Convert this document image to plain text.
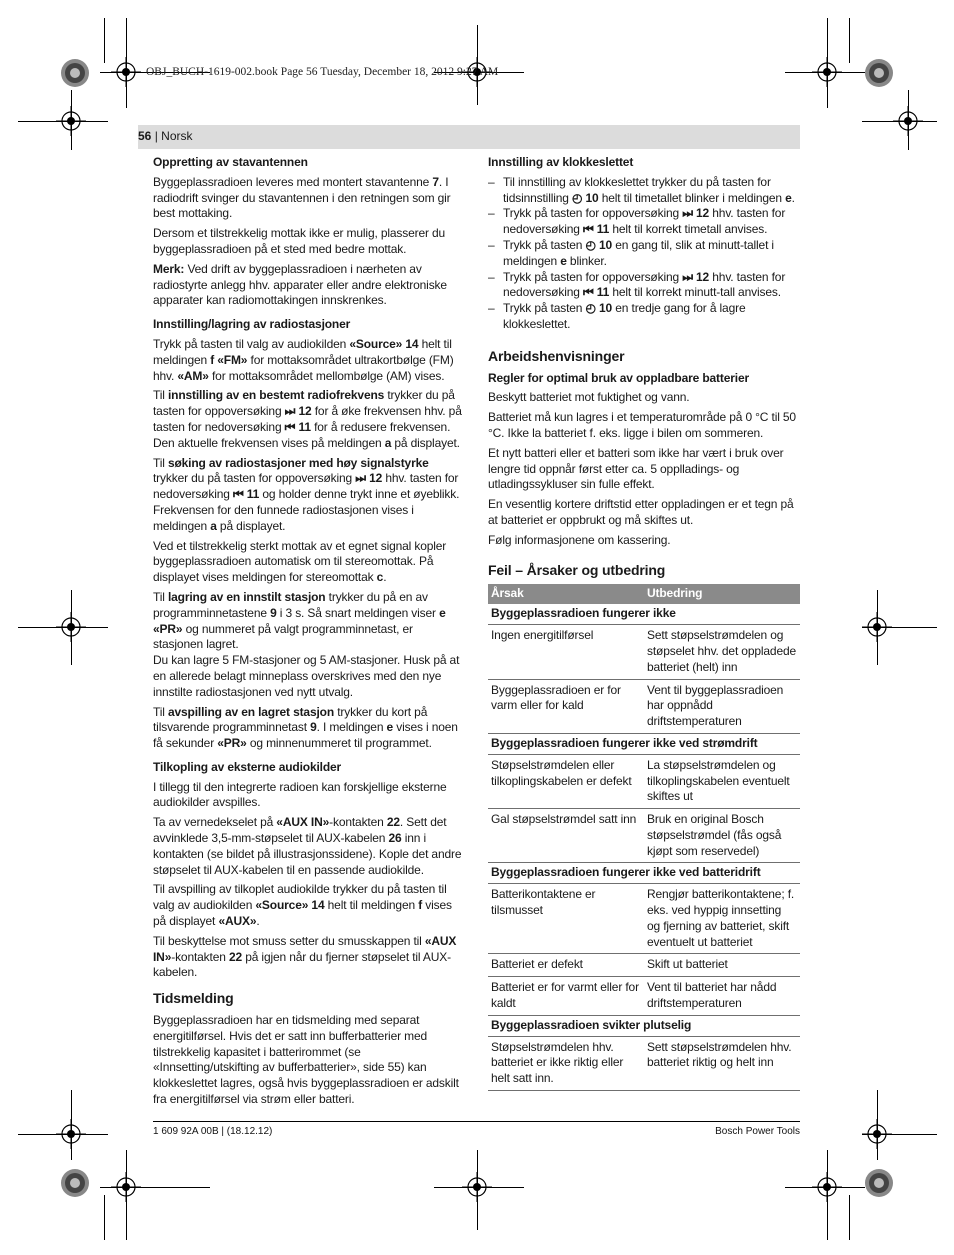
OBJ_BUCH-1619-002.book Page 56 Tuesday, December 18, 2012 9:27 AM
56 | Norsk
Oppretting av stavantennen

Byggeplassradioen leveres med montert stavantenne 7. I radiodrift svinger du stavantennen i den retningen som gir best mottaking.

Dersom et tilstrekkelig mottak ikke er mulig, plasserer du byggeplassradioen på et sted med bedre mottak.

Merk: Ved drift av byggeplassradioen i nærheten av radiostyrte anlegg hhv. apparater eller andre elektroniske apparater kan radiomottakingen innskrenkes.

Innstilling/lagring av radiostasjoner

Trykk på tasten til valg av audiokilden «Source» 14 helt til meldingen f «FM» for mottaksområdet ultrakortbølge (FM) hhv. «AM» for mottaksområdet mellombølge (AM) vises.

Til innstilling av en bestemt radiofrekvens trykker du på tasten for oppoversøking ⏭ 12 for å øke frekvensen hhv. på tasten for nedoversøking ⏮ 11 for å redusere frekvensen. Den aktuelle frekvensen vises på meldingen a på displayet.

Til søking av radiostasjoner med høy signalstyrke trykker du på tasten for oppoversøking ⏭ 12 hhv. tasten for nedoversøking ⏮ 11 og holder denne trykt inne et øyeblikk. Frekvensen for den funnede radiostasjonen vises i meldingen a på displayet.

Ved et tilstrekkelig sterkt mottak av et egnet signal kopler byggeplassradioen automatisk om til stereomottak. På displayet vises meldingen for stereomottak c.

Til lagring av en innstilt stasjon trykker du på en av programminnetastene 9 i 3 s. Så snart meldingen viser e «PR» og nummeret på valgt programminnetast, er stasjonen lagret.
Du kan lagre 5 FM-stasjoner og 5 AM-stasjoner. Husk på at en allerede belagt minneplass overskrives med den nye innstilte radiostasjonen ved nytt utvalg.

Til avspilling av en lagret stasjon trykker du kort på tilsvarende programminnetast 9. I meldingen e vises i noen få sekunder «PR» og minnenummeret til programmet.

Tilkopling av eksterne audiokilder

I tillegg til den integrerte radioen kan forskjellige eksterne audiokilder avspilles.

Ta av vernedekselet på «AUX IN»-kontakten 22. Sett det avvinklede 3,5-mm-støpselet til AUX-kabelen 26 inn i kontakten (se bildet på illustrasjonssidene). Kople det andre støpselet til AUX-kabelen til en passende audiokilde.

Til avspilling av tilkoplet audiokilde trykker du på tasten til valg av audiokilden «Source» 14 helt til meldingen f vises på displayet «AUX».

Til beskyttelse mot smuss setter du smusskappen til «AUX IN»-kontakten 22 på igjen når du fjerner støpselet til AUX-kabelen.

Tidsmelding

Byggeplassradioen har en tidsmelding med separat energitilførsel. Hvis det er satt inn bufferbatterier med tilstrekkelig kapasitet i batterirommet (se «Innsetting/utskifting av bufferbatterier», side 55) kan klokkeslettet lagres, også hvis byggeplassradioen er adskilt fra energitilførsel via strøm eller batteri.

Innstilling av klokkeslettet
– Til innstilling av klokkeslettet trykker du på tasten for tidsinnstilling ◴ 10 helt til timetallet blinker i meldingen e.
– Trykk på tasten for oppoversøking ⏭ 12 hhv. tasten for nedoversøking ⏮ 11 helt til korrekt timetall anvises.
– Trykk på tasten ◴ 10 en gang til, slik at minutt-tallet i meldingen e blinker.
– Trykk på tasten for oppoversøking ⏭ 12 hhv. tasten for nedoversøking ⏮ 11 helt til korrekt minutt-tall anvises.
– Trykk på tasten ◴ 10 en tredje gang for å lagre klokkeslettet.
Arbeidshenvisninger
Regler for optimal bruk av oppladbare batterier

Beskytt batteriet mot fuktighet og vann.

Batteriet må kun lagres i et temperaturområde på 0 °C til 50 °C. Ikke la batteriet f. eks. ligge i bilen om sommeren.

Et nytt batteri eller et batteri som ikke har vært i bruk over lengre tid oppnår først etter ca. 5 opplladings- og utladingssykluser sin fulle effekt.

En vesentlig kortere driftstid etter oppladingen er et tegn på at batteriet er oppbrukt og må skiftes ut.

Følg informasjonene om kassering.

Feil – Årsaker og utbedring
Årsak	Utbedring
Byggeplassradioen fungerer ikke	
Ingen energitilførsel	Sett støpselstrømdelen og støpselet hhv. det oppladede batteriet (helt) inn
Byggeplassradioen er for varm eller for kald	Vent til byggeplassradioen har oppnådd driftstemperaturen
Byggeplassradioen fungerer ikke ved strømdrift	
Støpselstrømdelen eller tilkoplingskabelen er defekt	La støpselstrømdelen og tilkoplingskabelen eventuelt skiftes ut
Gal støpselstrømdel satt inn	Bruk en original Bosch støpselstrømdel (fås også kjøpt som reservedel)
Byggeplassradioen fungerer ikke ved batteridrift	
Batterikontaktene er tilsmusset	Rengjør batterikontaktene; f. eks. ved hyppig innsetting og fjerning av batteriet, skift eventuelt ut batteriet
Batteriet er defekt	Skift ut batteriet
Batteriet er for varmt eller for kaldt	Vent til batteriet har nådd driftstemperaturen
Byggeplassradioen svikter plutselig	
Støpselstrømdelen hhv. batteriet er ikke riktig eller helt satt inn.	Sett støpselstrømdelen hhv. batteriet riktig og helt inn
1 609 92A 00B | (18.12.12)	Bosch Power Tools
